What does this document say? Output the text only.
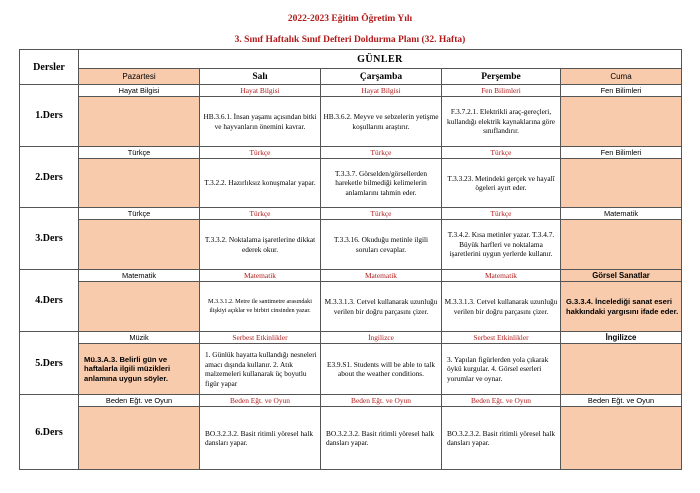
2022-2023 Eğitim Öğretim Yılı
3. Sınıf Haftalık Sınıf Defteri Doldurma Planı (32. Hafta)
Dersler	GÜNLER				
	Pazartesi	Salı	Çarşamba	Perşembe	Cuma
1.Ders	Hayat Bilgisi	Hayat Bilgisi	Hayat Bilgisi	Fen Bilimleri	Fen Bilimleri
		HB.3.6.1. İnsan yaşamı açısından bitki ve hayvanların önemini kavrar.	HB.3.6.2. Meyve ve sebzelerin yetişme koşullarını araştırır.	F.3.7.2.1. Elektrikli araç-gereçleri, kullandığı elektrik kaynaklarına göre sınıflandırır.	
2.Ders	Türkçe	Türkçe	Türkçe	Türkçe	Fen Bilimleri
		T.3.2.2. Hazırlıksız konuşmalar yapar.	T.3.3.7. Görselden/görsellerden hareketle bilmediği kelimelerin anlamlarını tahmin eder.	T.3.3.23. Metindeki gerçek ve hayalî ögeleri ayırt eder.	
3.Ders	Türkçe	Türkçe	Türkçe	Türkçe	Matematik
		T.3.3.2. Noktalama işaretlerine dikkat ederek okur.	T.3.3.16. Okuduğu metinle ilgili soruları cevaplar.	T.3.4.2. Kısa metinler yazar. T.3.4.7. Büyük harfleri ve noktalama işaretlerini uygun yerlerde kullanır.	
4.Ders	Matematik	Matematik	Matematik	Matematik	Görsel Sanatlar
		M.3.3.1.2. Metre ile santimetre arasındaki ilişkiyi açıklar ve birbiri cinsinden yazar.	M.3.3.1.3. Cetvel kullanarak uzunluğu verilen bir doğru parçasını çizer.	M.3.3.1.3. Cetvel kullanarak uzunluğu verilen bir doğru parçasını çizer.	G.3.3.4. İncelediği sanat eseri hakkındaki yargısını ifade eder.
5.Ders	Müzik	Serbest Etkinlikler	İngilizce	Serbest Etkinlikler	İngilizce
	Mü.3.A.3. Belirli gün ve haftalarla ilgili müzikleri anlamına uygun söyler.	1. Günlük hayatta kullandığı nesneleri amacı dışında kullanır. 2. Atık malzemeleri kullanarak üç boyutlu figür yapar	E3.9.S1. Students will be able to talk about the weather conditions.	3. Yapılan figürlerden yola çıkarak öykü kurgular. 4. Görsel eserleri yorumlar ve oynar.	
6.Ders	Beden Eğt. ve Oyun	Beden Eğt. ve Oyun	Beden Eğt. ve Oyun	Beden Eğt. ve Oyun	Beden Eğt. ve Oyun
		BO.3.2.3.2. Basit ritimli yöresel halk dansları yapar.	BO.3.2.3.2. Basit ritimli yöresel halk dansları yapar.	BO.3.2.3.2. Basit ritimli yöresel halk dansları yapar.	
